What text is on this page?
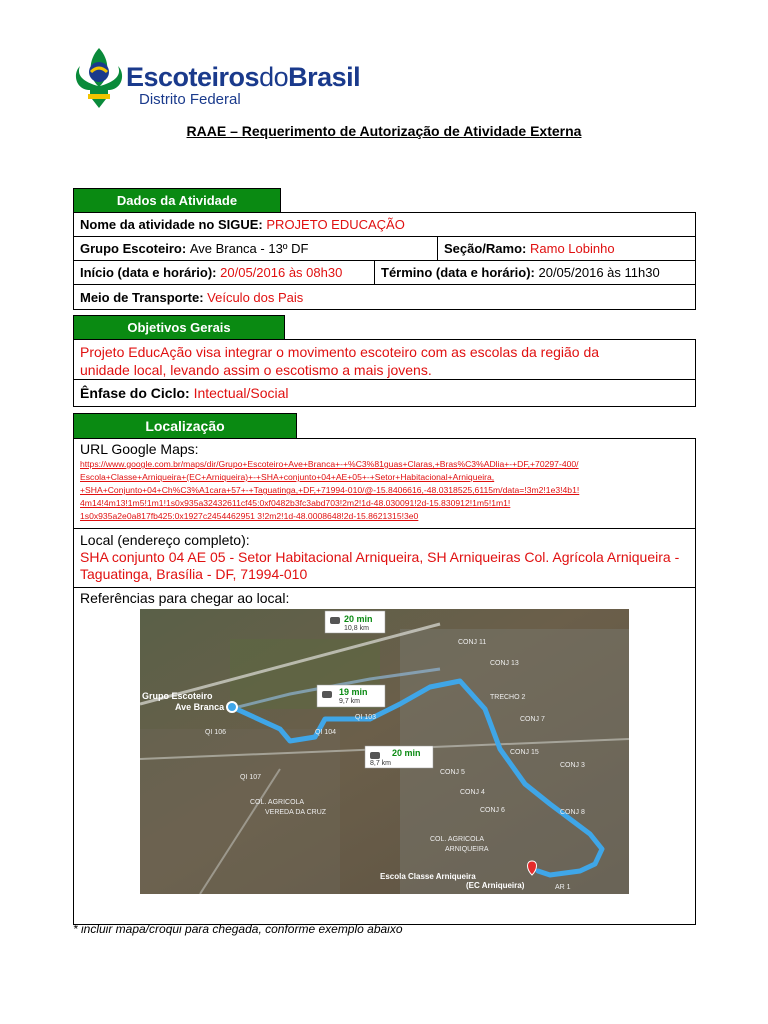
EscoteirosdoBrasil
Distrito Federal
RAAE – Requerimento de Autorização de Atividade Externa
Dados da Atividade
Nome da atividade no SIGUE:
PROJETO EDUCAÇÃO
Grupo Escoteiro:
Ave Branca - 13º DF	Seção/Ramo:
Ramo Lobinho
Início (data e horário):
20/05/2016 às 08h30	Término (data e horário):
20/05/2016 às 11h30
Meio de Transporte:
Veículo dos Pais
Objetivos Gerais
Projeto EducAção visa integrar o movimento escoteiro com as escolas da região da
unidade local, levando assim o escotismo a mais jovens.
Ênfase do Ciclo:
Intectual/Social
Localização
URL Google Maps:
https://www.google.com.br/maps/dir/Grupo+Escoteiro+Ave+Branca+-+%C3%81guas+Claras,+Bras%C3%ADlia+-+DF,+70297-400/
Escola+Classe+Arniqueira+(EC+Arniqueira)+-+SHA+conjunto+04+AE+05+-+Setor+Habitacional+Arniqueira,
+SHA+Conjunto+04+Ch%C3%A1cara+57+-+Taguatinga,+DF,+71994-010/@-15.8406616,-48.0318525,6115m/data=!3m2!1e3!4b1!
4m14!4m13!1m5!1m1!1s0x935a32432611cf45:0xf0482b3fc3abd703!2m2!1d-48.030091!2d-15.830912!1m5!1m1!
1s0x935a2e0a817fb425:0x1927c2454462951 3!2m2!1d-48.0008648!2d-15.8621315!3e0
Local (endereço completo):
SHA conjunto 04 AE 05 - Setor Habitacional Arniqueira, SH Arniqueiras Col. Agrícola Arniqueira -
Taguatinga, Brasília - DF, 71994-010
Referências para chegar ao local:
20 min
10,8 km
19 min
9,7 km
20 min
8,7 km
Grupo Escoteiro
Ave Branca
Escola Classe Arniqueira
(EC Arniqueira)
CONJ 11
CONJ 13
CONJ 15
TRECHO 2
CONJ 7
QI 103
QI 104
QI 106
CONJ 5
CONJ 4
CONJ 3
CONJ 8
CONJ 6
QI 107
COL. AGRICOLA
VEREDA DA CRUZ
COL. AGRICOLA
ARNIQUEIRA
AR 1
* incluir mapa/croqui para chegada, conforme exemplo abaixo
